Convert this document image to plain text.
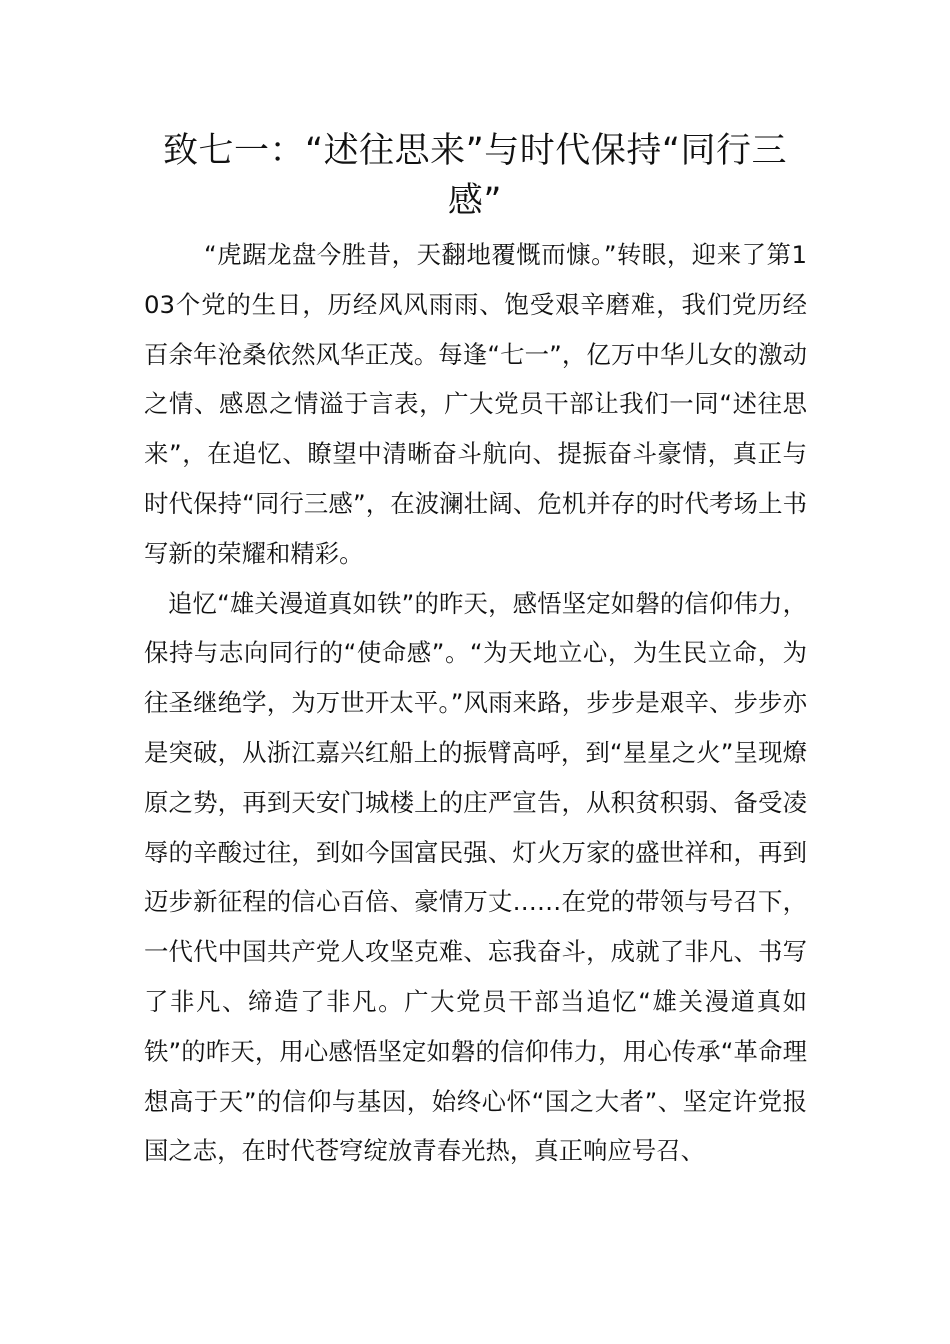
致七一：“述往思来”与时代保持“同行三感”

“虎踞龙盘今胜昔，天翻地覆慨而慷。”转眼，迎来了第103个党的生日，历经风风雨雨、饱受艰辛磨难，我们党历经百余年沧桑依然风华正茂。每逢“七一”，亿万中华儿女的激动之情、感恩之情溢于言表，广大党员干部让我们一同“述往思来”，在追忆、瞭望中清晰奋斗航向、提振奋斗豪情，真正与时代保持“同行三感”，在波澜壮阔、危机并存的时代考场上书写新的荣耀和精彩。

追忆“雄关漫道真如铁”的昨天，感悟坚定如磐的信仰伟力，保持与志向同行的“使命感”。“为天地立心，为生民立命，为往圣继绝学，为万世开太平。”风雨来路，步步是艰辛、步步亦是突破，从浙江嘉兴红船上的振臂高呼，到“星星之火”呈现燎原之势，再到天安门城楼上的庄严宣告，从积贫积弱、备受凌辱的辛酸过往，到如今国富民强、灯火万家的盛世祥和，再到迈步新征程的信心百倍、豪情万丈……在党的带领与号召下，一代代中国共产党人攻坚克难、忘我奋斗，成就了非凡、书写了非凡、缔造了非凡。广大党员干部当追忆“雄关漫道真如铁”的昨天，用心感悟坚定如磐的信仰伟力，用心传承“革命理想高于天”的信仰与基因，始终心怀“国之大者”、坚定许党报国之志，在时代苍穹绽放青春光热，真正响应号召、
